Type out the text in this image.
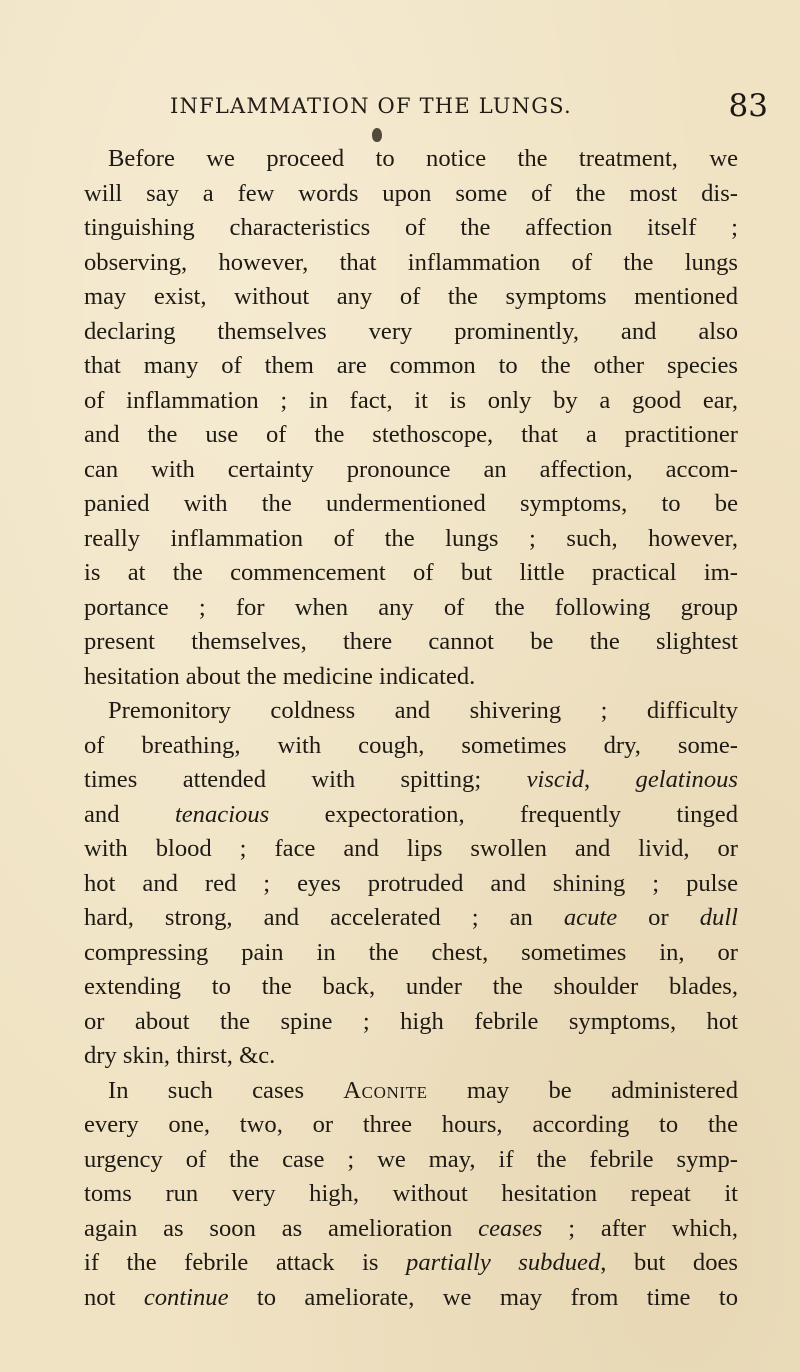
INFLAMMATION OF THE LUNGS.	83
Before we proceed to notice the treatment, we
will say a few words upon some of the most dis-
tinguishing characteristics of the affection itself ;
observing, however, that inflammation of the lungs
may exist, without any of the symptoms mentioned
declaring themselves very prominently, and also
that many of them are common to the other species
of inflammation ; in fact, it is only by a good ear,
and the use of the stethoscope, that a practitioner
can with certainty pronounce an affection, accom-
panied with the undermentioned symptoms, to be
really inflammation of the lungs ; such, however,
is at the commencement of but little practical im-
portance ; for when any of the following group
present themselves, there cannot be the slightest
hesitation about the medicine indicated.
Premonitory coldness and shivering ; difficulty
of breathing, with cough, sometimes dry, some-
times attended with spitting; viscid, gelatinous
and tenacious expectoration, frequently tinged
with blood ; face and lips swollen and livid, or
hot and red ; eyes protruded and shining ; pulse
hard, strong, and accelerated ; an acute or dull
compressing pain in the chest, sometimes in, or
extending to the back, under the shoulder blades,
or about the spine ; high febrile symptoms, hot
dry skin, thirst, &c.
In such cases Aconite may be administered
every one, two, or three hours, according to the
urgency of the case ; we may, if the febrile symp-
toms run very high, without hesitation repeat it
again as soon as amelioration ceases ; after which,
if the febrile attack is partially subdued, but does
not continue to ameliorate, we may from time to
